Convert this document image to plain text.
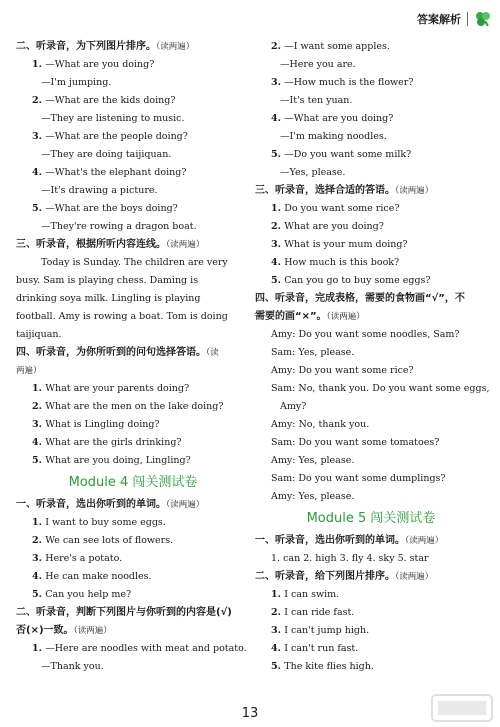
答案解析
二、听录音，为下列图片排序。（读两遍）
1. —What are you doing?
—I'm jumping.
2. —What are the kids doing?
—They are listening to music.
3. —What are the people doing?
—They are doing taijiquan.
4. —What's the elephant doing?
—It's drawing a picture.
5. —What are the boys doing?
—They're rowing a dragon boat.
三、听录音，根据所听内容连线。（读两遍）
Today is Sunday. The children are very
busy. Sam is playing chess. Daming is
drinking soya milk. Lingling is playing
football. Amy is rowing a boat. Tom is doing
taijiquan.
四、听录音，为你所听到的问句选择答语。（读
两遍）
1. What are your parents doing?
2. What are the men on the lake doing?
3. What is Lingling doing?
4. What are the girls drinking?
5. What are you doing, Lingling?
Module 4 闯关测试卷
一、听录音，选出你听到的单词。（读两遍）
1. I want to buy some eggs.
2. We can see lots of flowers.
3. Here's a potato.
4. He can make noodles.
5. Can you help me?
二、听录音，判断下列图片与你听到的内容是(√)
否(×)一致。（读两遍）
1. —Here are noodles with meat and potato.
—Thank you.
2. —I want some apples.
—Here you are.
3. —How much is the flower?
—It's ten yuan.
4. —What are you doing?
—I'm making noodles.
5. —Do you want some milk?
—Yes, please.
三、听录音，选择合适的答语。（读两遍）
1. Do you want some rice?
2. What are you doing?
3. What is your mum doing?
4. How much is this book?
5. Can you go to buy some eggs?
四、听录音，完成表格，需要的食物画“√”，不
需要的画“×”。（读两遍）
Amy: Do you want some noodles, Sam?
Sam: Yes, please.
Amy: Do you want some rice?
Sam: No, thank you. Do you want some eggs,
Amy?
Amy: No, thank you.
Sam: Do you want some tomatoes?
Amy: Yes, please.
Sam: Do you want some dumplings?
Amy: Yes, please.
Module 5 闯关测试卷
一、听录音，选出你听到的单词。（读两遍）
1. can 2. high 3. fly 4. sky 5. star
二、听录音，给下列图片排序。（读两遍）
1. I can swim.
2. I can ride fast.
3. I can't jump high.
4. I can't run fast.
5. The kite flies high.
13
